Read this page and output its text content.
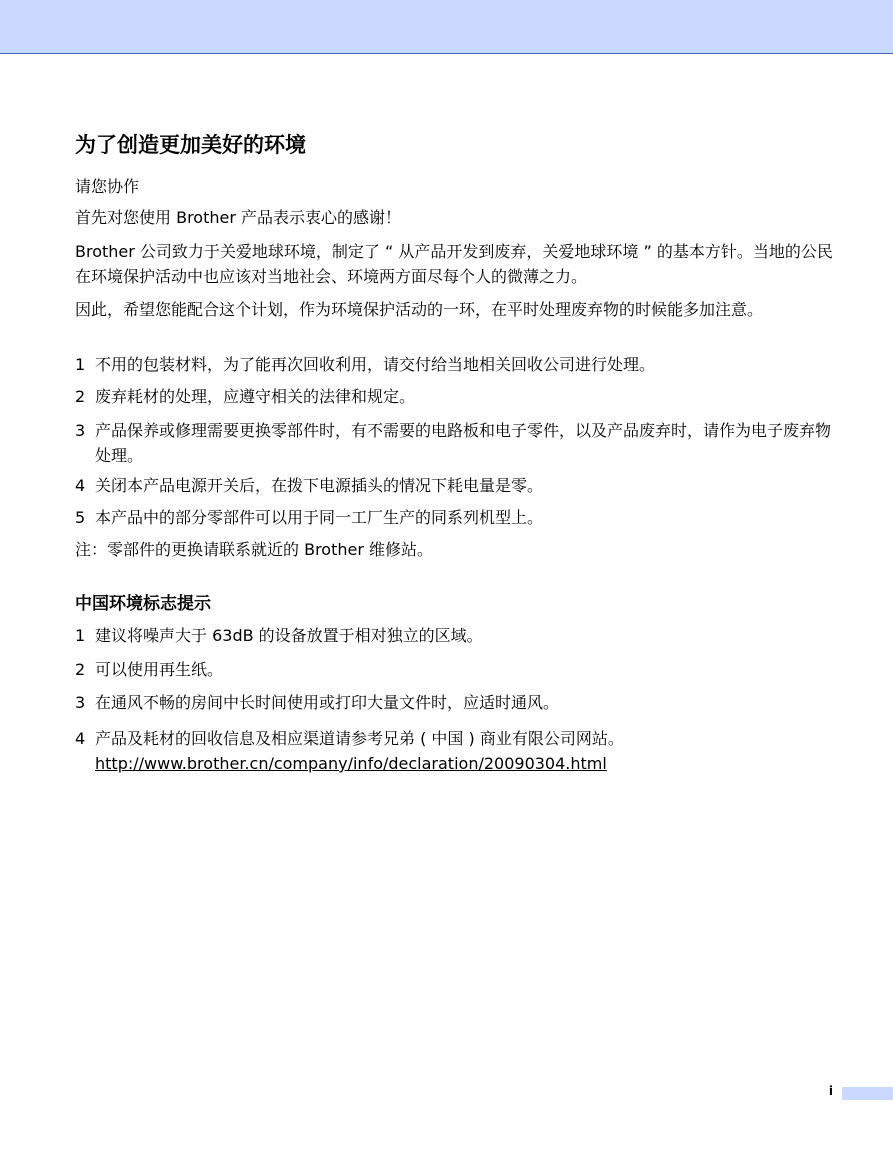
为了创造更加美好的环境

请您协作

首先对您使用 Brother 产品表示衷心的感谢！

Brother 公司致力于关爱地球环境，制定了 “ 从产品开发到废弃，关爱地球环境 ” 的基本方针。当地的公民在环境保护活动中也应该对当地社会、环境两方面尽每个人的微薄之力。

因此，希望您能配合这个计划，作为环境保护活动的一环，在平时处理废弃物的时候能多加注意。

1 不用的包装材料，为了能再次回收利用，请交付给当地相关回收公司进行处理。
2 废弃耗材的处理，应遵守相关的法律和规定。
3 产品保养或修理需要更换零部件时，有不需要的电路板和电子零件，以及产品废弃时，请作为电子废弃物处理。
4 关闭本产品电源开关后，在拨下电源插头的情况下耗电量是零。
5 本产品中的部分零部件可以用于同一工厂生产的同系列机型上。

注：零部件的更换请联系就近的 Brother 维修站。

中国环境标志提示
1 建议将噪声大于 63dB 的设备放置于相对独立的区域。
2 可以使用再生纸。
3 在通风不畅的房间中长时间使用或打印大量文件时，应适时通风。
4 产品及耗材的回收信息及相应渠道请参考兄弟 ( 中国 ) 商业有限公司网站。
http://www.brother.cn/company/info/declaration/20090304.html
i
